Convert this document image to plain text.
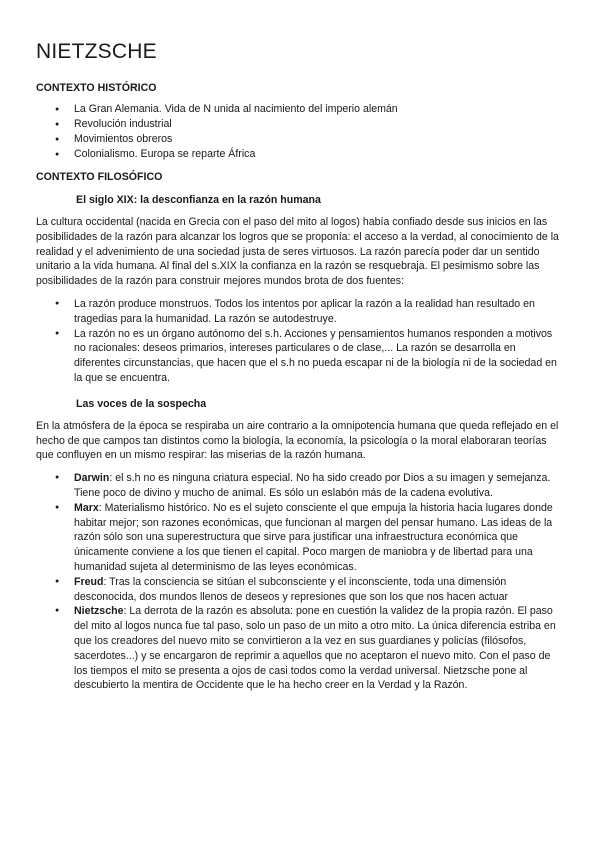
NIETZSCHE
CONTEXTO HISTÓRICO
● La Gran Alemania. Vida de N unida al nacimiento del imperio alemán
● Revolución industrial
● Movimientos obreros
● Colonialismo. Europa se reparte África
CONTEXTO FILOSÓFICO
El siglo XIX: la desconfianza en la razón humana

La cultura occidental (nacida en Grecia con el paso del mito al logos) había confiado desde sus inicios en las posibilidades de la razón para alcanzar los logros que se proponía: el acceso a la verdad, al conocimiento de la realidad y el advenimiento de una sociedad justa de seres virtuosos. La razón parecía poder dar un sentido unitario a la vida humana. Al final del s.XIX la confianza en la razón se resquebraja. El pesimismo sobre las posibilidades de la razón para construir mejores mundos brota de dos fuentes:

● La razón produce monstruos. Todos los intentos por aplicar la razón a la realidad han resultado en tragedias para la humanidad. La razón se autodestruye.
● La razón no es un órgano autónomo del s.h. Acciones y pensamientos humanos responden a motivos no racionales: deseos primarios, intereses particulares o de clase,... La razón se desarrolla en diferentes circunstancias, que hacen que el s.h no pueda escapar ni de la biología ni de la sociedad en la que se encuentra.
Las voces de la sospecha

En la atmósfera de la época se respiraba un aire contrario a la omnipotencia humana que queda reflejado en el hecho de que campos tan distintos como la biología, la economía, la psicología o la moral elaboraran teorías que confluyen en un mismo respirar: las miserias de la razón humana.

● Darwin: el s.h no es ninguna criatura especial. No ha sido creado por Dios a su imagen y semejanza. Tiene poco de divino y mucho de animal. Es sólo un eslabón más de la cadena evolutiva.
● Marx: Materialismo histórico. No es el sujeto consciente el que empuja la historia hacia lugares donde habitar mejor; son razones económicas, que funcionan al margen del pensar humano. Las ideas de la razón sólo son una superestructura que sirve para justificar una infraestructura económica que únicamente conviene a los que tienen el capital. Poco margen de maniobra y de libertad para una humanidad sujeta al determinismo de las leyes económicas.
● Freud: Tras la consciencia se sitúan el subconsciente y el inconsciente, toda una dimensión desconocida, dos mundos llenos de deseos y represiones que son los que nos hacen actuar
● Nietzsche: La derrota de la razón es absoluta: pone en cuestión la validez de la propia razón. El paso del mito al logos nunca fue tal paso, solo un paso de un mito a otro mito. La única diferencia estriba en que los creadores del nuevo mito se convirtieron a la vez en sus guardianes y policías (filósofos, sacerdotes...) y se encargaron de reprimir a aquellos que no aceptaron el nuevo mito. Con el paso de los tiempos el mito se presenta a ojos de casi todos como la verdad universal. Nietzsche pone al descubierto la mentira de Occidente que le ha hecho creer en la Verdad y la Razón.
